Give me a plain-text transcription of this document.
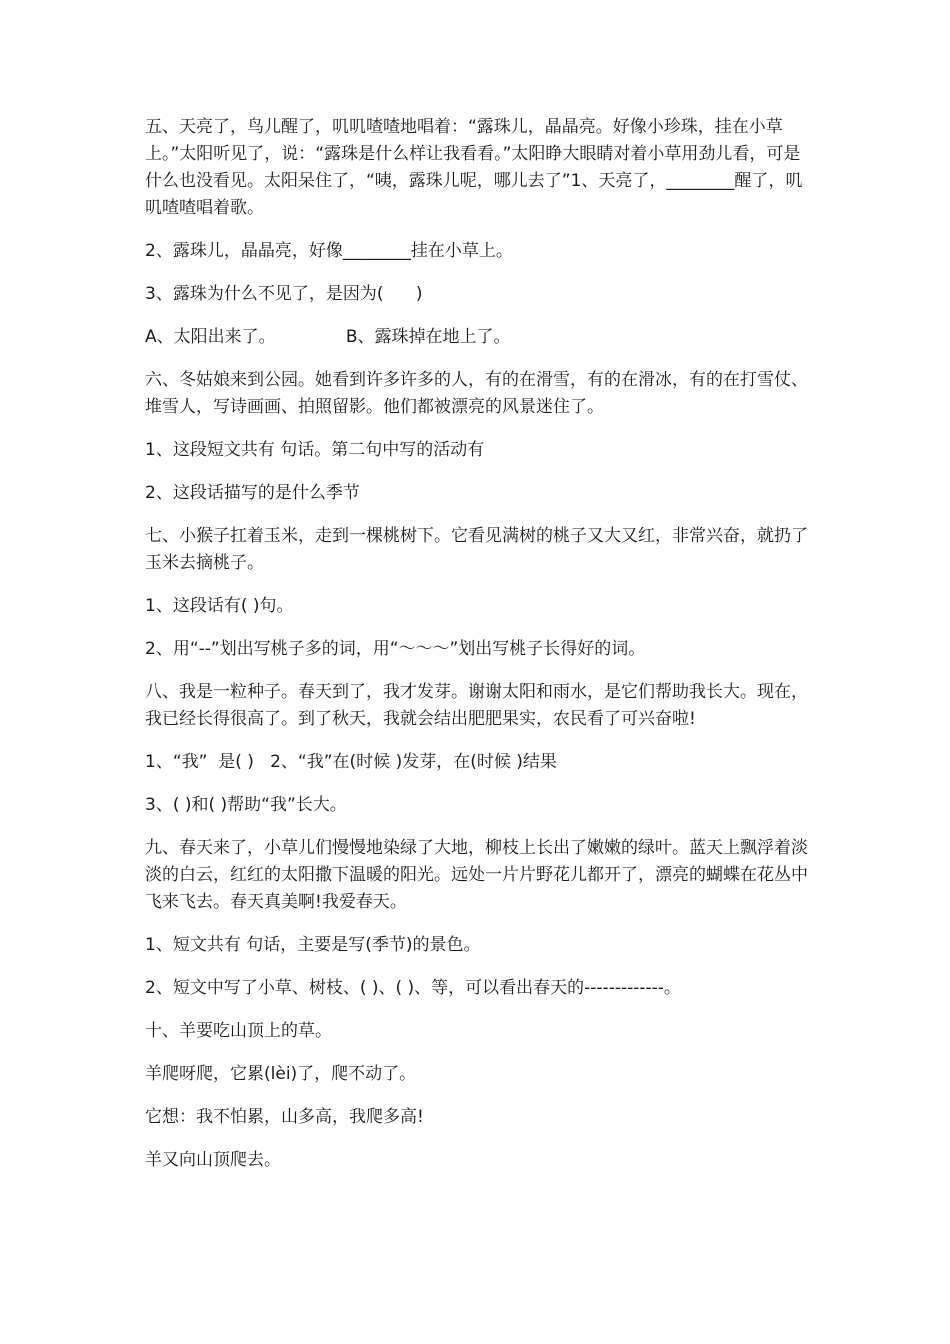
五、天亮了，鸟儿醒了，叽叽喳喳地唱着：“露珠儿，晶晶亮。好像小珍珠，挂在小草上。”太阳听见了，说：“露珠是什么样让我看看。”太阳睁大眼睛对着小草用劲儿看，可是什么也没看见。太阳呆住了，“咦，露珠儿呢，哪儿去了”1、天亮了，________醒了，叽叽喳喳唱着歌。

2、露珠儿，晶晶亮，好像________挂在小草上。

3、露珠为什么不见了，是因为(      )

A、太阳出来了。             B、露珠掉在地上了。

六、冬姑娘来到公园。她看到许多许多的人，有的在滑雪，有的在滑冰，有的在打雪仗、堆雪人，写诗画画、拍照留影。他们都被漂亮的风景迷住了。

1、这段短文共有 句话。第二句中写的活动有

2、这段话描写的是什么季节

七、小猴子扛着玉米，走到一棵桃树下。它看见满树的桃子又大又红，非常兴奋，就扔了玉米去摘桃子。

1、这段话有( )句。

2、用“--”划出写桃子多的词，用“～～～”划出写桃子长得好的词。

八、我是一粒种子。春天到了，我才发芽。谢谢太阳和雨水，是它们帮助我长大。现在，我已经长得很高了。到了秋天，我就会结出肥肥果实，农民看了可兴奋啦!

1、“我”  是( )   2、“我”在(时候 )发芽，在(时候 )结果

3、( )和( )帮助“我”长大。

九、春天来了，小草儿们慢慢地染绿了大地，柳枝上长出了嫩嫩的绿叶。蓝天上飘浮着淡淡的白云，红红的太阳撒下温暖的阳光。远处一片片野花儿都开了，漂亮的蝴蝶在花丛中飞来飞去。春天真美啊!我爱春天。

1、短文共有 句话，主要是写(季节)的景色。

2、短文中写了小草、树枝、( )、( )、等，可以看出春天的-------------。

十、羊要吃山顶上的草。

羊爬呀爬，它累(lèi)了，爬不动了。

它想：我不怕累，山多高，我爬多高!

羊又向山顶爬去。
